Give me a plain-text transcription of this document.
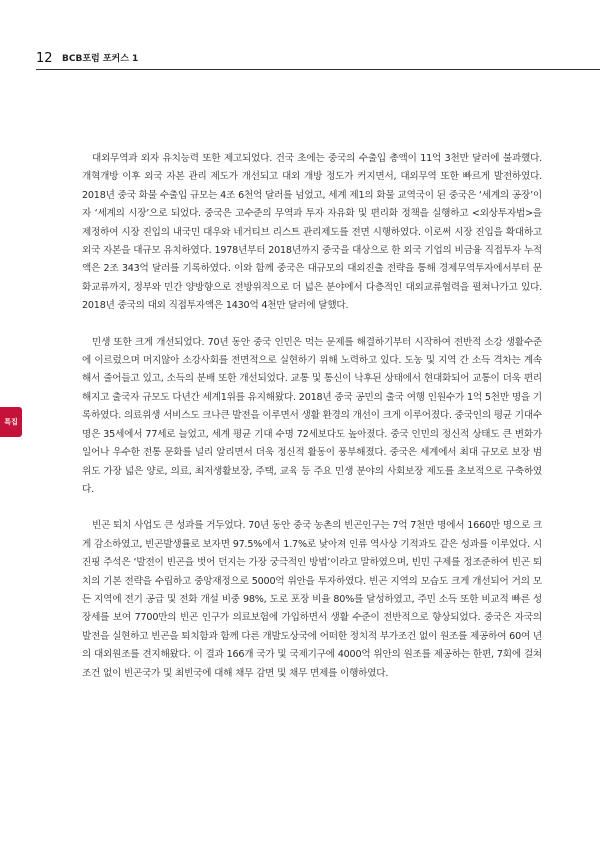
12 BCB포럼 포커스 1
특집

대외무역과 외자 유치능력 또한 제고되었다. 건국 초에는 중국의 수출입 총액이 11억 3천만 달러에 불과했다. 개혁개방 이후 외국 자본 관리 제도가 개선되고 대외 개방 정도가 커지면서, 대외무역 또한 빠르게 발전하였다. 2018년 중국 화물 수출입 규모는 4조 6천억 달러를 넘었고, 세계 제1의 화물 교역국이 된 중국은 ‘세계의 공장’이자 ‘세계의 시장’으로 되었다. 중국은 고수준의 무역과 투자 자유화 및 편리화 정책을 실행하고 <외상투자법>을 제정하여 시장 진입의 내국민 대우와 네거티브 리스트 관리제도를 전면 시행하였다. 이로써 시장 진입을 확대하고 외국 자본을 대규모 유치하였다. 1978년부터 2018년까지 중국을 대상으로 한 외국 기업의 비금융 직접투자 누적액은 2조 343억 달러를 기록하였다. 이와 함께 중국은 대규모의 대외진출 전략을 통해 경제무역투자에서부터 문화교류까지, 정부와 민간 양방향으로 전방위적으로 더 넓은 분야에서 다층적인 대외교류협력을 펼쳐나가고 있다. 2018년 중국의 대외 직접투자액은 1430억 4천만 달러에 달했다.

민생 또한 크게 개선되었다. 70년 동안 중국 인민은 먹는 문제를 해결하기부터 시작하여 전반적 소강 생활수준에 이르렀으며 머지않아 소강사회를 전면적으로 실현하기 위해 노력하고 있다. 도농 및 지역 간 소득 격차는 계속해서 줄어들고 있고, 소득의 분배 또한 개선되었다. 교통 및 통신이 낙후된 상태에서 현대화되어 교통이 더욱 편리해지고 출국자 규모도 다년간 세계1위를 유지해왔다. 2018년 중국 공민의 출국 여행 인원수가 1억 5천만 명을 기록하였다. 의료위생 서비스도 크나큰 발전을 이루면서 생활 환경의 개선이 크게 이루어졌다. 중국인의 평균 기대수명은 35세에서 77세로 늘었고, 세계 평균 기대 수명 72세보다도 높아졌다. 중국 인민의 정신적 상태도 큰 변화가 일어나 우수한 전통 문화를 널리 알리면서 더욱 정신적 활동이 풍부해졌다. 중국은 세계에서 최대 규모로 보장 범위도 가장 넓은 양로, 의료, 최저생활보장, 주택, 교육 등 주요 민생 분야의 사회보장 제도를 초보적으로 구축하였다.

빈곤 퇴치 사업도 큰 성과를 거두었다. 70년 동안 중국 농촌의 빈곤인구는 7억 7천만 명에서 1660만 명으로 크게 감소하였고, 빈곤발생률로 보자면 97.5%에서 1.7%로 낮아져 인류 역사상 기적과도 같은 성과를 이루었다. 시진핑 주석은 ‘발전이 빈곤을 벗어 던지는 가장 궁극적인 방법’이라고 말하였으며, 빈민 구제를 정조준하여 빈곤 퇴치의 기본 전략을 수립하고 중앙재정으로 5000억 위안을 투자하였다. 빈곤 지역의 모습도 크게 개선되어 거의 모든 지역에 전기 공급 및 전화 개설 비중 98%, 도로 포장 비율 80%를 달성하였고, 주민 소득 또한 비교적 빠른 성장세를 보여 7700만의 빈곤 인구가 의료보험에 가입하면서 생활 수준이 전반적으로 향상되었다. 중국은 자국의 발전을 실현하고 빈곤을 퇴치함과 함께 다른 개발도상국에 어떠한 정치적 부가조건 없이 원조를 제공하여 60여 년의 대외원조를 견지해왔다. 이 결과 166개 국가 및 국제기구에 4000억 위안의 원조를 제공하는 한편, 7회에 걸쳐 조건 없이 빈곤국가 및 최빈국에 대해 채무 감면 및 채무 면제를 이행하였다.
